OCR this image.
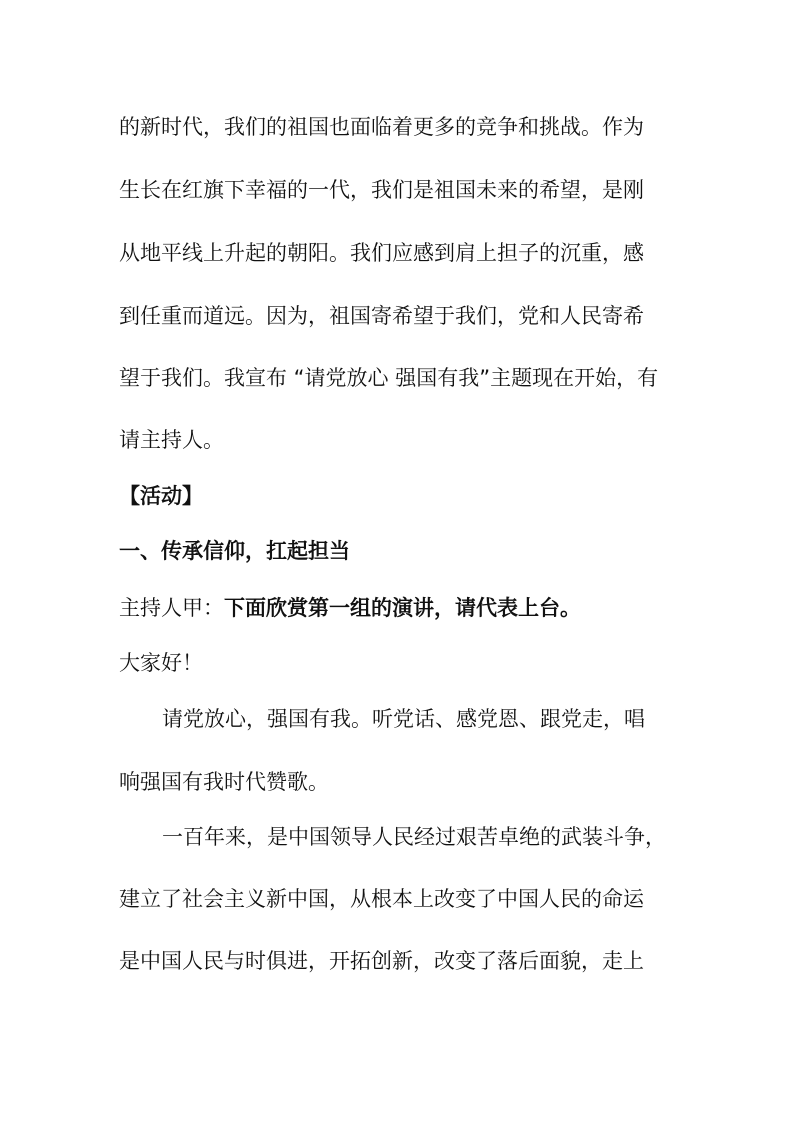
的新时代，我们的祖国也面临着更多的竞争和挑战。作为

生长在红旗下幸福的一代，我们是祖国未来的希望，是刚

从地平线上升起的朝阳。我们应感到肩上担子的沉重，感

到任重而道远。因为，祖国寄希望于我们，党和人民寄希

望于我们。我宣布 “请党放心 强国有我”主题现在开始，有

请主持人。

【活动】

一、传承信仰，扛起担当

主持人甲：下面欣赏第一组的演讲，请代表上台。

大家好！

请党放心，强国有我。听党话、感党恩、跟党走，唱

响强国有我时代赞歌。

一百年来，是中国领导人民经过艰苦卓绝的武装斗争，

建立了社会主义新中国，从根本上改变了中国人民的命运

是中国人民与时俱进，开拓创新，改变了落后面貌，走上
